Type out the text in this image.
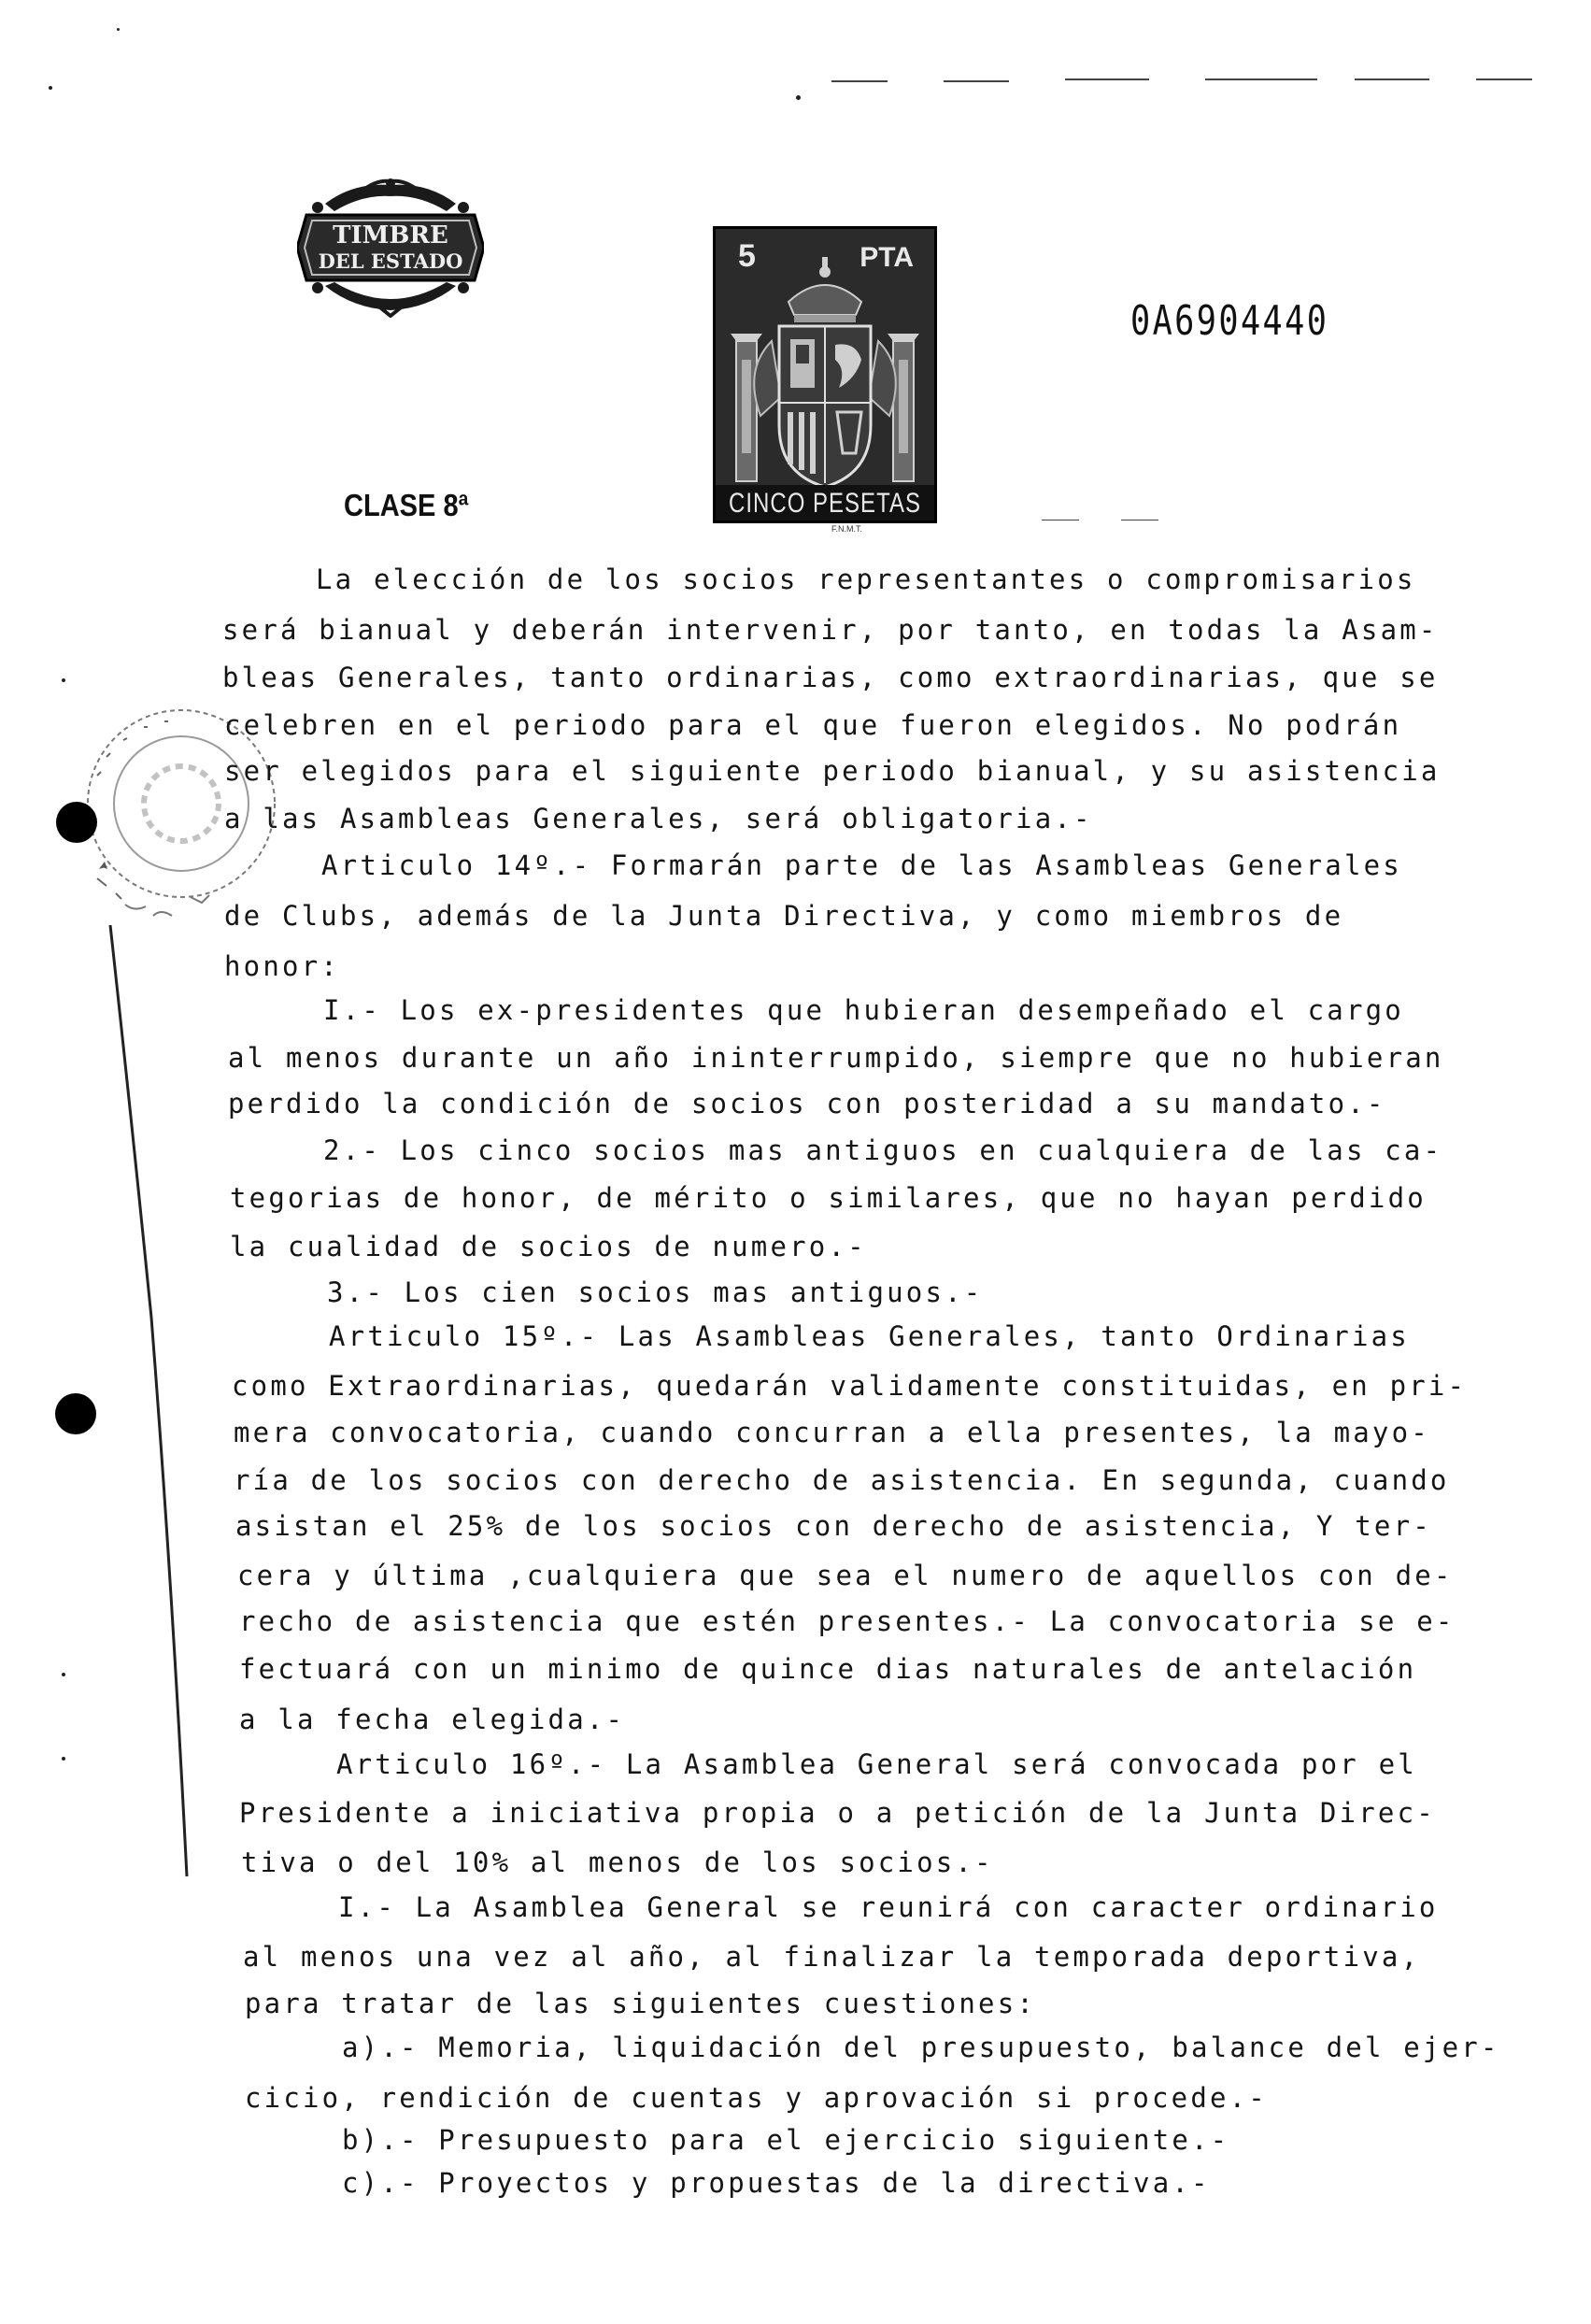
TIMBRE
DEL ESTADO	5	PTA
CINCO PESETAS
F.N.M.T.
0A6904440
CLASE 8ª
La elección de los socios representantes o compromisarios
será bianual y deberán intervenir, por tanto, en todas la Asam-
bleas Generales, tanto ordinarias, como extraordinarias, que se
celebren en el periodo para el que fueron elegidos. No podrán
ser elegidos para el siguiente periodo bianual, y su asistencia
a las Asambleas Generales, será obligatoria.-
Articulo 14º.- Formarán parte de las Asambleas Generales
de Clubs, además de la Junta Directiva, y como miembros de
honor:
I.- Los ex-presidentes que hubieran desempeñado el cargo
al menos durante un año ininterrumpido, siempre que no hubieran
perdido la condición de socios con posteridad a su mandato.-
2.- Los cinco socios mas antiguos en cualquiera de las ca-
tegorias de honor, de mérito o similares, que no hayan perdido
la cualidad de socios de numero.-
3.- Los cien socios mas antiguos.-
Articulo 15º.- Las Asambleas Generales, tanto Ordinarias
como Extraordinarias, quedarán validamente constituidas, en pri-
mera convocatoria, cuando concurran a ella presentes, la mayo-
ría de los socios con derecho de asistencia. En segunda, cuando
asistan el 25% de los socios con derecho de asistencia, Y ter-
cera y última ,cualquiera que sea el numero de aquellos con de-
recho de asistencia que estén presentes.- La convocatoria se e-
fectuará con un minimo de quince dias naturales de antelación
a la fecha elegida.-
Articulo 16º.- La Asamblea General será convocada por el
Presidente a iniciativa propia o a petición de la Junta Direc-
tiva o del 10% al menos de los socios.-
I.- La Asamblea General se reunirá con caracter ordinario
al menos una vez al año, al finalizar la temporada deportiva,
para tratar de las siguientes cuestiones:
a).- Memoria, liquidación del presupuesto, balance del ejer-
cicio, rendición de cuentas y aprovación si procede.-
b).- Presupuesto para el ejercicio siguiente.-
c).- Proyectos y propuestas de la directiva.-
